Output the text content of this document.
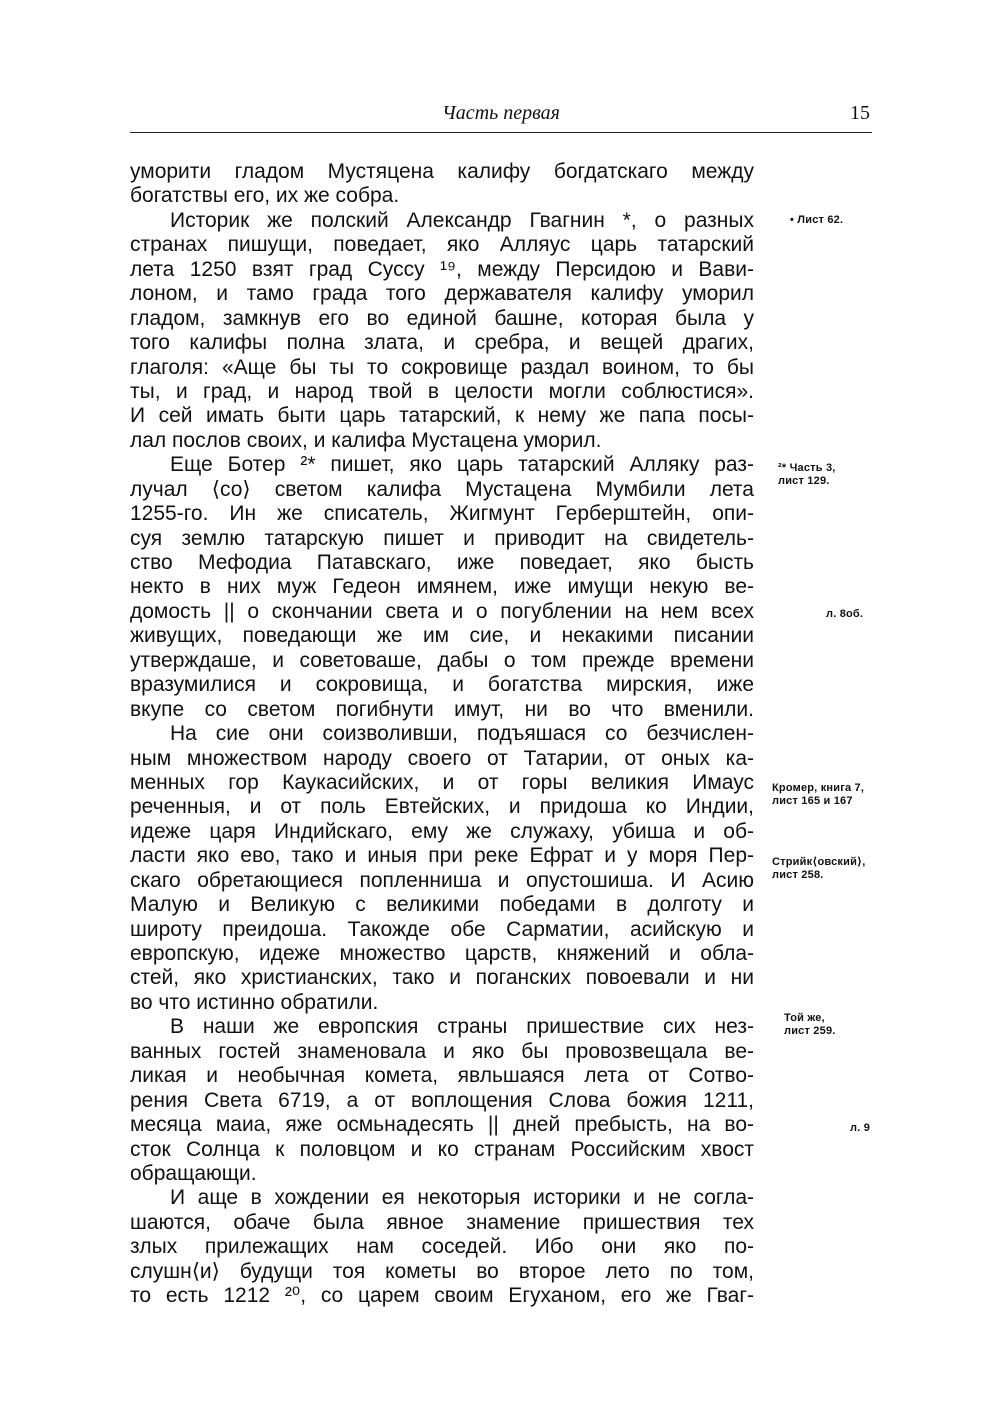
Часть первая	15
уморити гладом Мустяцена калифу богдатскаго между
богатствы его, их же собра.
Историк же полский Александр Гвагнин *, о разных
странах пишущи, поведает, яко Алляус царь татарский
лета 1250 взят град Суссу ¹⁹, между Персидою и Вави-
лоном, и тамо града того державателя калифу уморил
гладом, замкнув его во единой башне, которая была у
того калифы полна злата, и сребра, и вещей драгих,
глаголя: «Аще бы ты то сокровище раздал воином, то бы
ты, и град, и народ твой в целости могли соблюстися».
И сей имать быти царь татарский, к нему же папа посы-
лал послов своих, и калифа Мустацена уморил.
Еще Ботер ²* пишет, яко царь татарский Алляку раз-
лучал ⟨со⟩ светом калифа Мустацена Мумбили лета
1255-го. Ин же списатель, Жигмунт Герберштейн, опи-
суя землю татарскую пишет и приводит на свидетель-
ство Мефодиа Патавскаго, иже поведает, яко бысть
некто в них муж Гедеон имянем, иже имущи некую ве-
домость || о скончании света и о погублении на нем всех
живущих, поведающи же им сие, и некакими писании
утверждаше, и советоваше, дабы о том прежде времени
вразумилися и сокровища, и богатства мирския, иже
вкупе со светом погибнути имут, ни во что вменили.
На сие они соизволивши, подъяшася со безчислен-
ным множеством народу своего от Татарии, от оных ка-
менных гор Каукасийских, и от горы великия Имаус
реченныя, и от поль Евтейских, и придоша ко Индии,
идеже царя Индийскаго, ему же служаху, убиша и об-
ласти яко ево, тако и иныя при реке Ефрат и у моря Пер-
скаго обретающиеся попленниша и опустошиша. И Асию
Малую и Великую с великими победами в долготу и
широту преидоша. Такожде обе Сарматии, асийскую и
европскую, идеже множество царств, княжений и обла-
стей, яко христианских, тако и поганских повоевали и ни
во что истинно обратили.
В наши же европския страны пришествие сих нез-
ванных гостей знаменовала и яко бы провозвещала ве-
ликая и необычная комета, явльшаяся лета от Сотво-
рения Света 6719, а от воплощения Слова божия 1211,
месяца маиа, яже осмьнадесять || дней пребысть, на во-
сток Солнца к половцом и ко странам Российским хвост
обращающи.
И аще в хождении ея некоторыя историки и не согла-
шаются, обаче была явное знамение пришествия тех
злых прилежащих нам соседей. Ибо они яко по-
слушн⟨и⟩ будущи тоя кометы во второе лето по том,
то есть 1212 ²⁰, со царем своим Егуханом, его же Гваг-
• Лист 62.
²* Часть 3, лист 129.
л. 8об.
Кромер, книга 7, лист 165 и 167
Стрийк⟨овский⟩, лист 258.
Той же, лист 259.
л. 9
